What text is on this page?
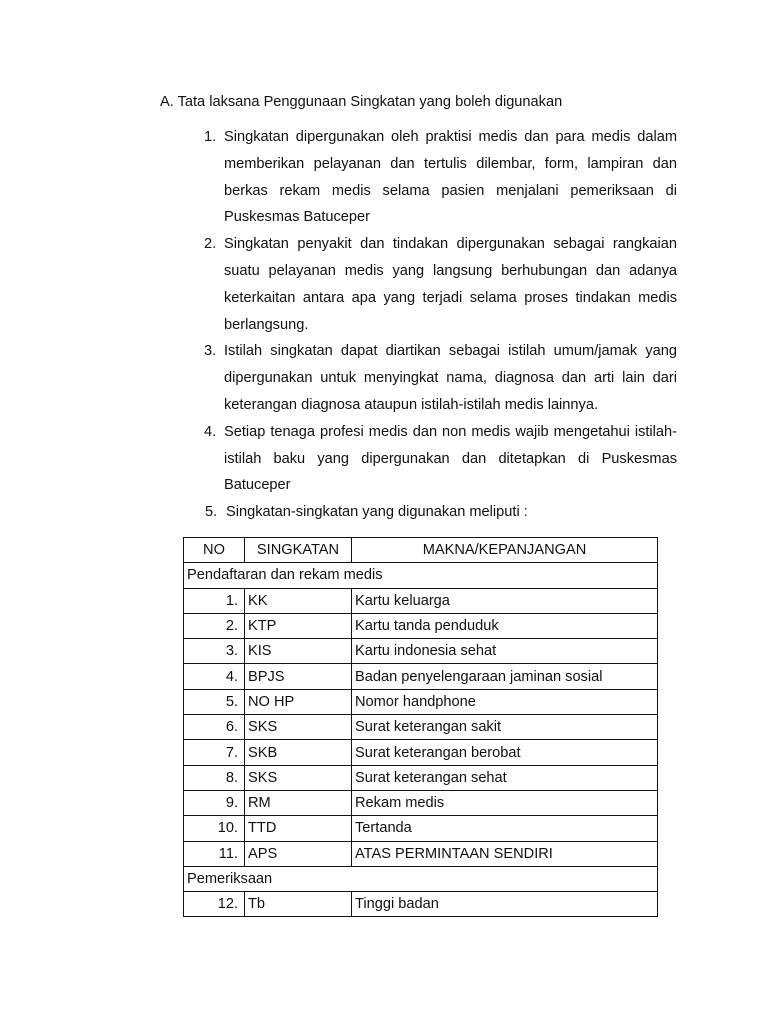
A. Tata laksana Penggunaan Singkatan yang boleh digunakan
1. Singkatan dipergunakan oleh praktisi medis dan para medis dalam memberikan pelayanan dan tertulis dilembar, form, lampiran dan berkas rekam medis selama pasien menjalani pemeriksaan di Puskesmas Batuceper
2. Singkatan penyakit dan tindakan dipergunakan sebagai rangkaian suatu pelayanan medis yang langsung berhubungan dan adanya keterkaitan antara apa yang terjadi selama proses tindakan medis berlangsung.
3. Istilah singkatan dapat diartikan sebagai istilah umum/jamak yang dipergunakan untuk menyingkat nama, diagnosa dan arti lain dari keterangan diagnosa ataupun istilah-istilah medis lainnya.
4. Setiap tenaga profesi medis dan non medis wajib mengetahui istilah-istilah baku yang dipergunakan dan ditetapkan di Puskesmas Batuceper
5. Singkatan-singkatan yang digunakan meliputi :
NO	SINGKATAN	MAKNA/KEPANJANGAN
Pendaftaran dan rekam medis		
1.	KK	Kartu keluarga
2.	KTP	Kartu tanda penduduk
3.	KIS	Kartu indonesia sehat
4.	BPJS	Badan penyelengaraan jaminan sosial
5.	NO HP	Nomor handphone
6.	SKS	Surat keterangan sakit
7.	SKB	Surat keterangan berobat
8.	SKS	Surat keterangan sehat
9.	RM	Rekam medis
10.	TTD	Tertanda
11.	APS	ATAS PERMINTAAN SENDIRI
Pemeriksaan		
12.	Tb	Tinggi badan
